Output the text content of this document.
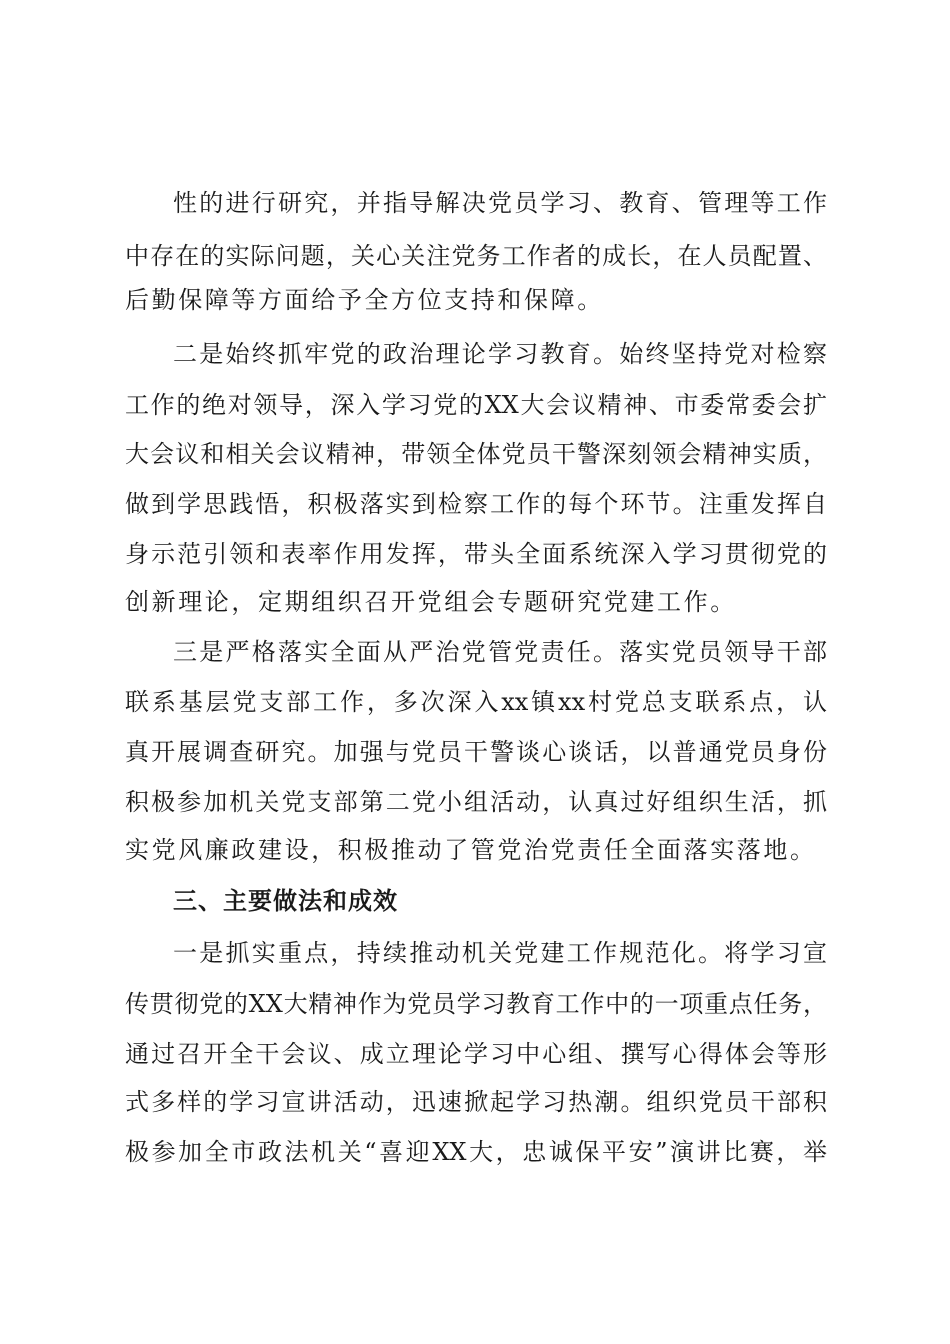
性的进行研究，并指导解决党员学习、教育、管理等工作
中存在的实际问题，关心关注党务工作者的成长，在人员配置、
后勤保障等方面给予全方位支持和保障。
二是始终抓牢党的政治理论学习教育。始终坚持党对检察
工作的绝对领导，深入学习党的XX大会议精神、市委常委会扩
大会议和相关会议精神，带领全体党员干警深刻领会精神实质，
做到学思践悟，积极落实到检察工作的每个环节。注重发挥自
身示范引领和表率作用发挥，带头全面系统深入学习贯彻党的
创新理论，定期组织召开党组会专题研究党建工作。
三是严格落实全面从严治党管党责任。落实党员领导干部
联系基层党支部工作，多次深入xx镇xx村党总支联系点，认
真开展调查研究。加强与党员干警谈心谈话，以普通党员身份
积极参加机关党支部第二党小组活动，认真过好组织生活，抓
实党风廉政建设，积极推动了管党治党责任全面落实落地。
三、主要做法和成效
一是抓实重点，持续推动机关党建工作规范化。将学习宣
传贯彻党的XX大精神作为党员学习教育工作中的一项重点任务，
通过召开全干会议、成立理论学习中心组、撰写心得体会等形
式多样的学习宣讲活动，迅速掀起学习热潮。组织党员干部积
极参加全市政法机关“喜迎XX大，忠诚保平安”演讲比赛，举
